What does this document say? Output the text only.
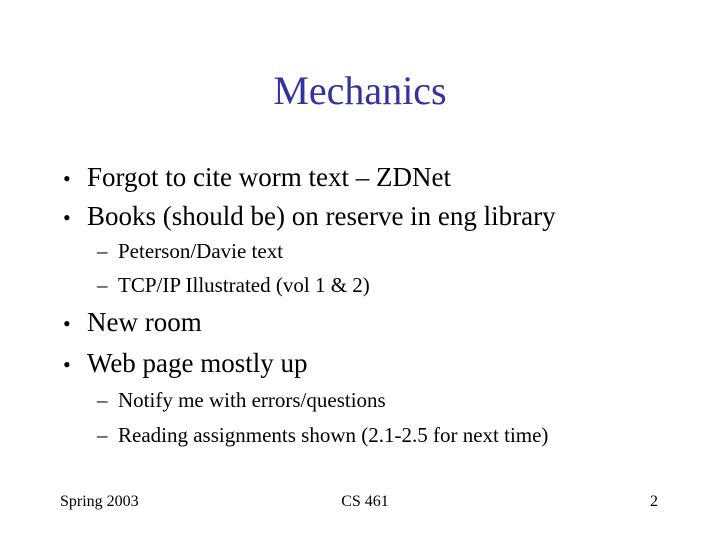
Mechanics
• Forgot to cite worm text – ZDNet
• Books (should be) on reserve in eng library
– Peterson/Davie text
– TCP/IP Illustrated (vol 1 & 2)
• New room
• Web page mostly up
– Notify me with errors/questions
– Reading assignments shown (2.1-2.5 for next time)
Spring 2003	CS 461	2
